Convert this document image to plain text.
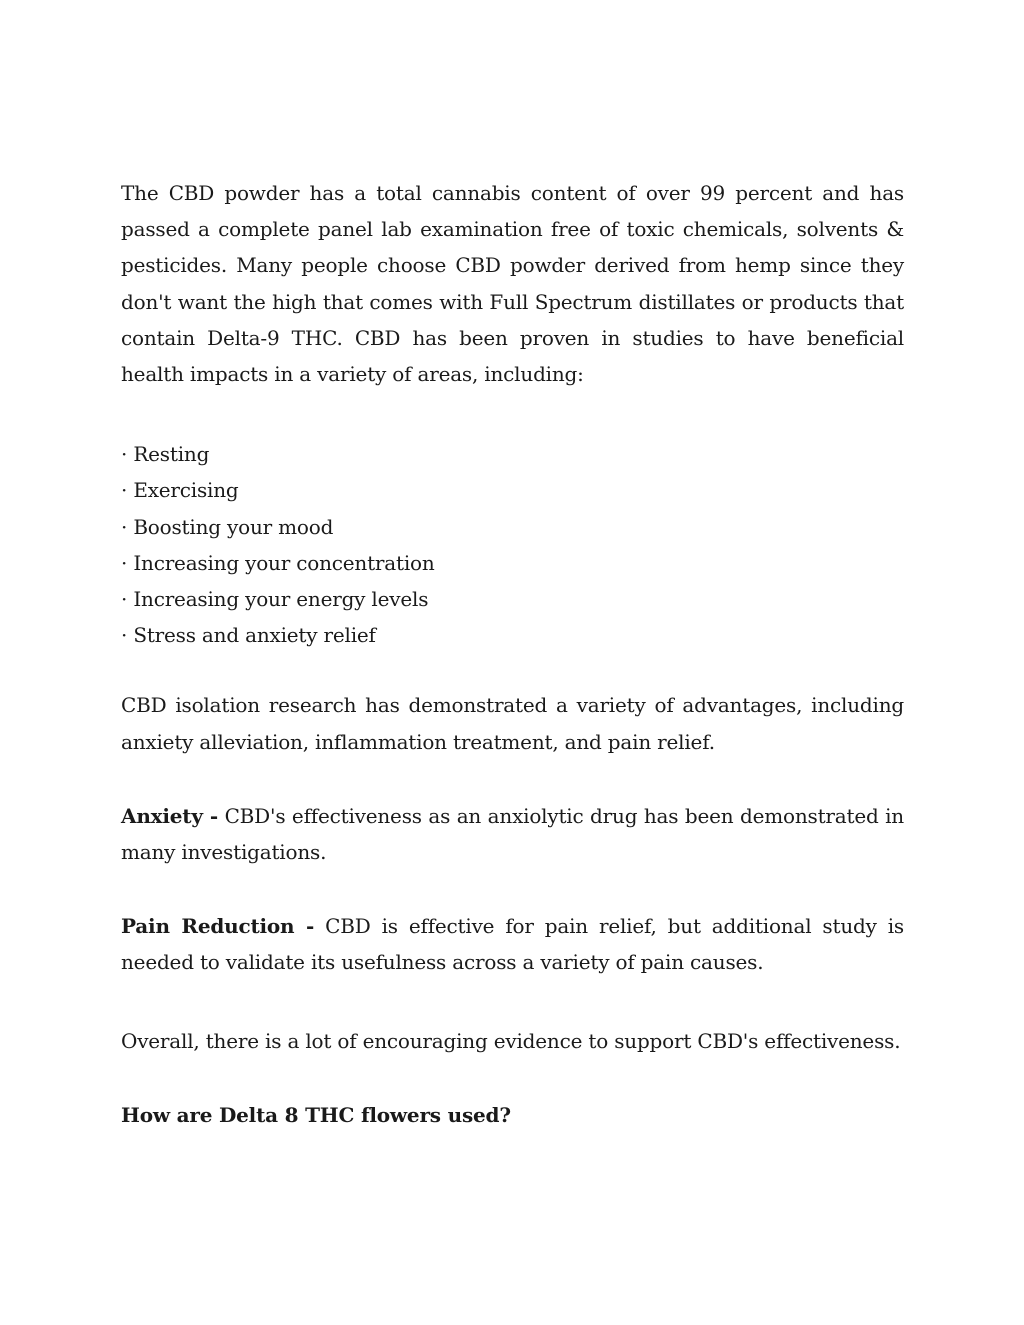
The CBD powder has a total cannabis content of over 99 percent and has passed a complete panel lab examination free of toxic chemicals, solvents & pesticides. Many people choose CBD powder derived from hemp since they don't want the high that comes with Full Spectrum distillates or products that contain Delta-9 THC. CBD has been proven in studies to have beneficial health impacts in a variety of areas, including:

· Resting
· Exercising
· Boosting your mood
· Increasing your concentration
· Increasing your energy levels
· Stress and anxiety relief

CBD isolation research has demonstrated a variety of advantages, including anxiety alleviation, inflammation treatment, and pain relief.

Anxiety - CBD's effectiveness as an anxiolytic drug has been demonstrated in many investigations.

Pain Reduction - CBD is effective for pain relief, but additional study is needed to validate its usefulness across a variety of pain causes.

Overall, there is a lot of encouraging evidence to support CBD's effectiveness.

How are Delta 8 THC flowers used?
